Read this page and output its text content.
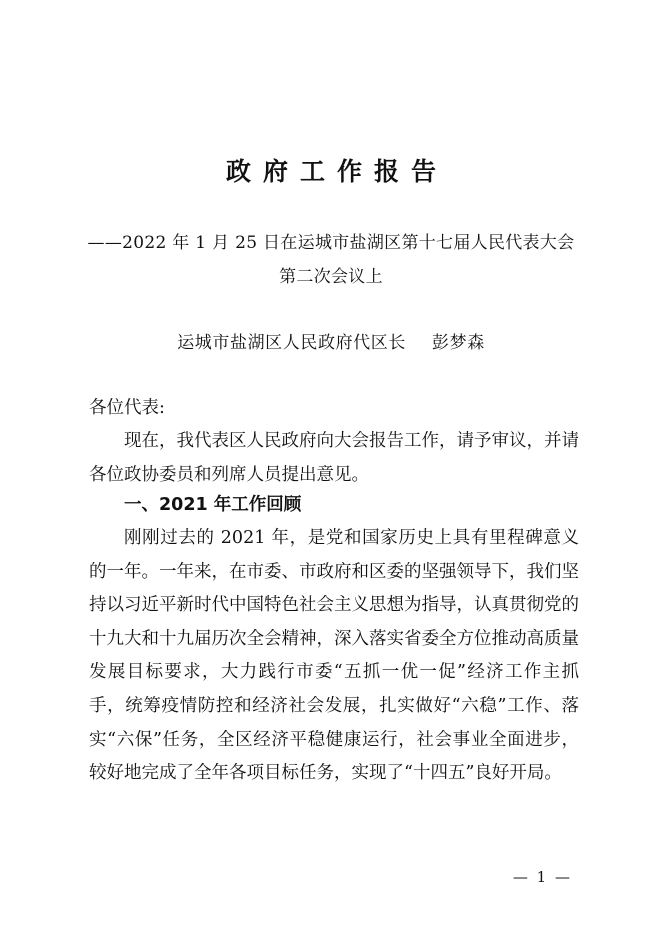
政府工作报告
——2022 年 1 月 25 日在运城市盐湖区第十七届人民代表大会
第二次会议上
运城市盐湖区人民政府代区长 彭梦森
各位代表:
现在，我代表区人民政府向大会报告工作，请予审议，并请各位政协委员和列席人员提出意见。
一、2021 年工作回顾
刚刚过去的 2021 年，是党和国家历史上具有里程碑意义的一年。一年来，在市委、市政府和区委的坚强领导下，我们坚持以习近平新时代中国特色社会主义思想为指导，认真贯彻党的十九大和十九届历次全会精神，深入落实省委全方位推动高质量发展目标要求，大力践行市委“五抓一优一促”经济工作主抓手，统筹疫情防控和经济社会发展，扎实做好“六稳”工作、落实“六保”任务，全区经济平稳健康运行，社会事业全面进步，较好地完成了全年各项目标任务，实现了“十四五”良好开局。
— 1 —
